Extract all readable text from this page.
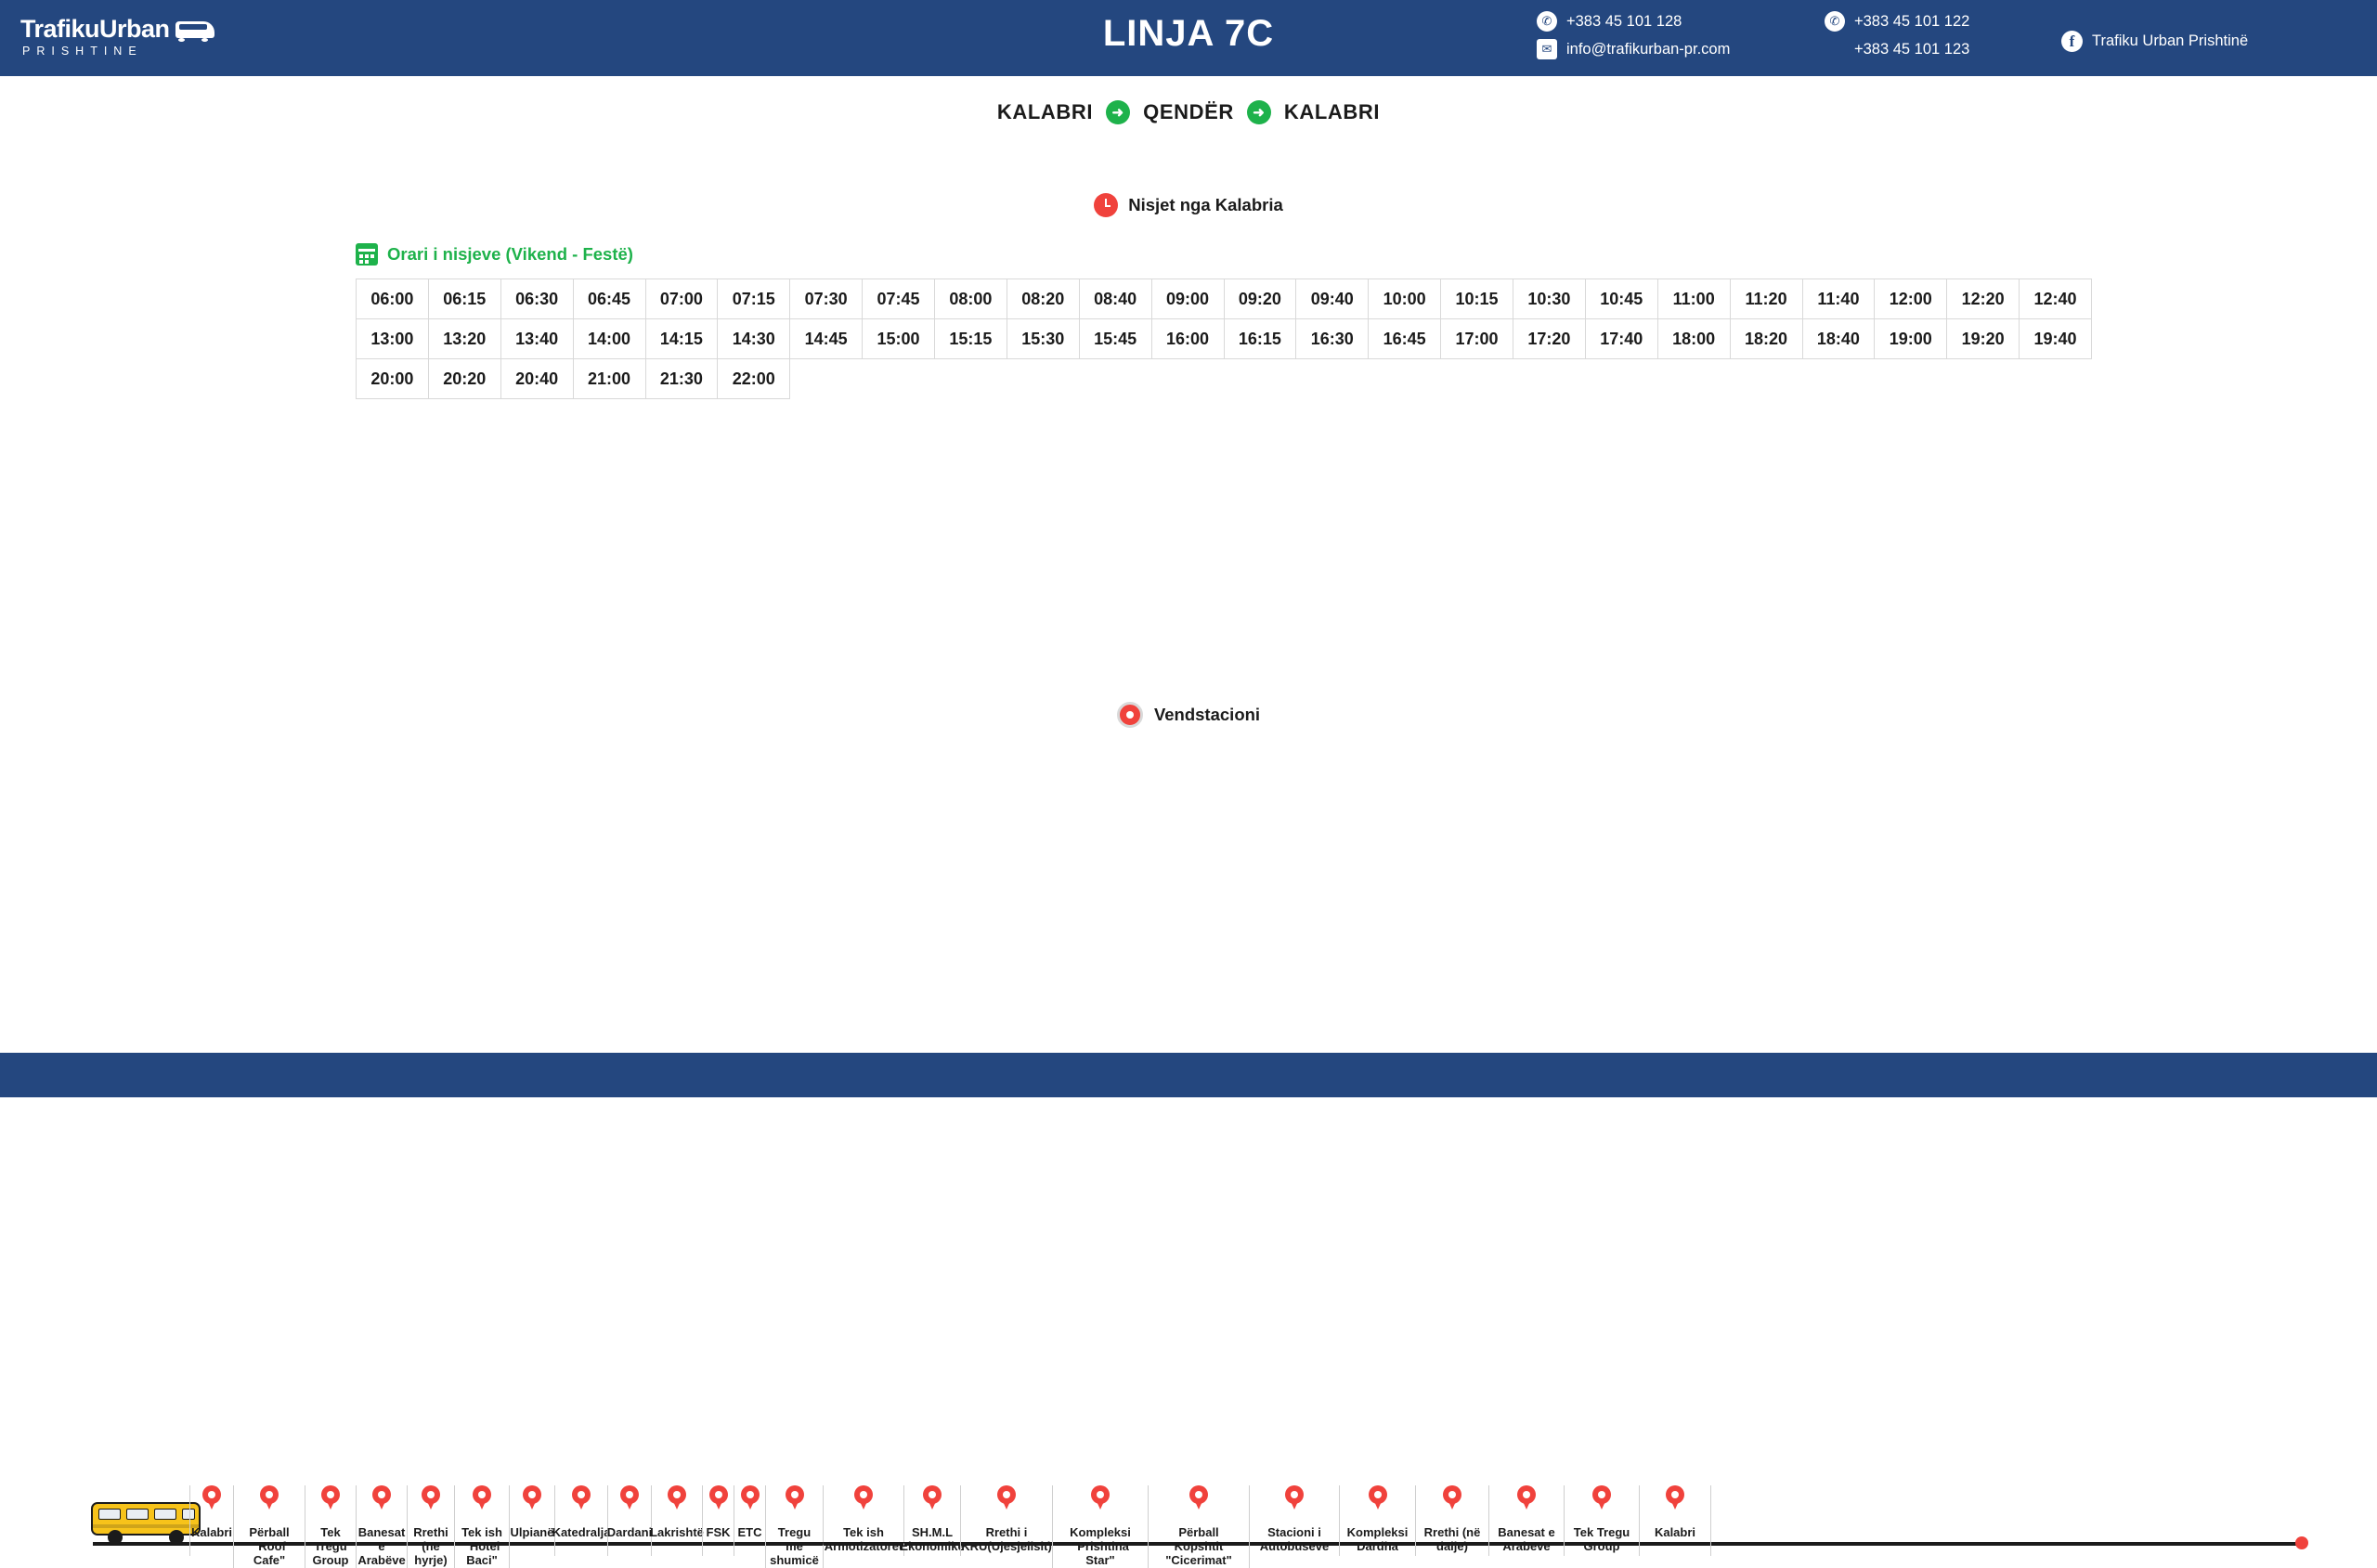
TrafikuUrban
PRISHTINE	LINJA 7C	✆ +383 45 101 128
✉ info@trafikurban-pr.com
✆ +383 45 101 122
+383 45 101 123	f	Trafiku Urban Prishtinë
KALABRI	➜ QENDËR	➜ KALABRI
Nisjet nga Kalabria
Orari i nisjeve (Vikend - Festë)
06:00	06:15	06:30	06:45	07:00	07:15	07:30	07:45	08:00	08:20	08:40	09:00	09:20	09:40	10:00	10:15	10:30	10:45	11:00	11:20	11:40	12:00	12:20	12:40
13:00	13:20	13:40	14:00	14:15	14:30	14:45	15:00	15:15	15:30	15:45	16:00	16:15	16:30	16:45	17:00	17:20	17:40	18:00	18:20	18:40	19:00	19:20	19:40
20:00	20:20	20:40	21:00	21:30	22:00																		
Vendstacioni
Kalabri	Përball "Roof Cafe"
Tek Tregu Group
Banesat e Arabëve
Rrethi (në hyrje)
Tek ish "Hotel Baci"
Ulpianë
Katedralja
Dardani
Lakrishtë FSK ETC	Tregu me shumicë
Tek ish "Armotizatorët"
SH.M.L Ekonomike
Rrethi i KRU(Ujësjellsit)
Kompleksi "Prishtina Star"
Përball Kopshtit "Cicerimat"
Stacioni i Autobusëve
Kompleksi "Dardha"
Rrethi (në dalje)
Banesat e Arabëve
Tek Tregu Group
Kalabri
